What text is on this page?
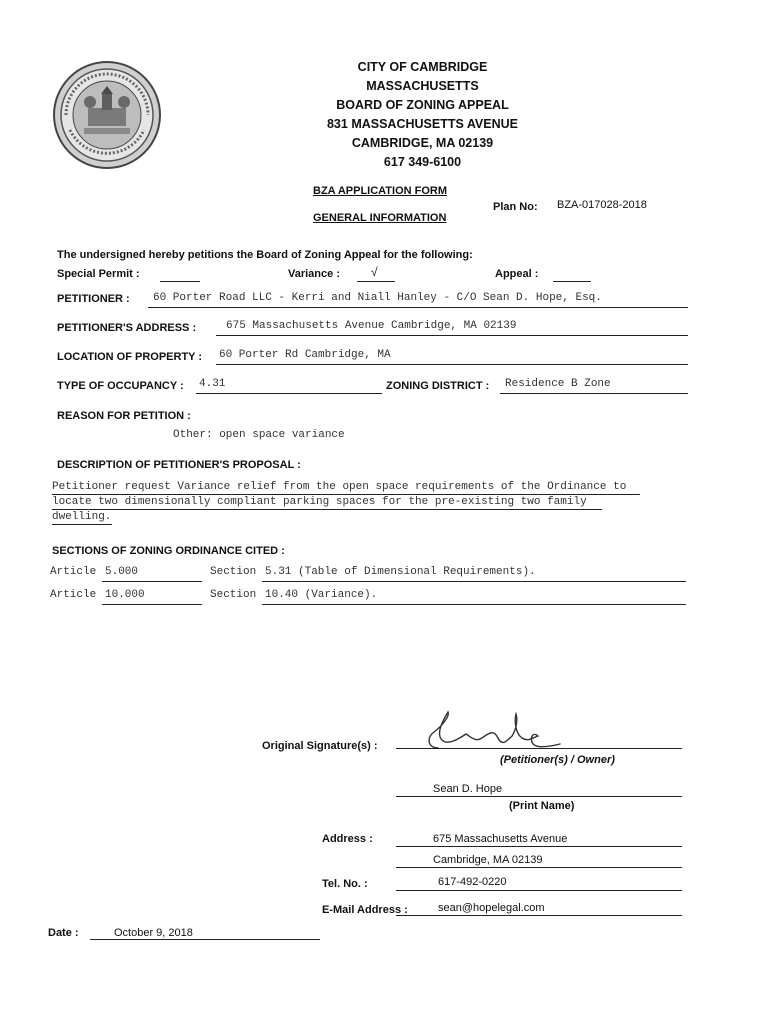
CITY OF CAMBRIDGE
MASSACHUSETTS
BOARD OF ZONING APPEAL
831 MASSACHUSETTS AVENUE
CAMBRIDGE, MA 02139
617 349-6100
BZA APPLICATION FORM
GENERAL INFORMATION
Plan No: BZA-017028-2018
The undersigned hereby petitions the Board of Zoning Appeal for the following:
Special Permit :	Variance :	√	Appeal :
PETITIONER : 60 Porter Road LLC - Kerri and Niall Hanley - C/O Sean D. Hope, Esq.
PETITIONER'S ADDRESS :	675 Massachusetts Avenue Cambridge, MA 02139
LOCATION OF PROPERTY : 60 Porter Rd Cambridge, MA
TYPE OF OCCUPANCY : 4.31	ZONING DISTRICT : Residence B Zone
REASON FOR PETITION :
Other: open space variance
DESCRIPTION OF PETITIONER'S PROPOSAL :
Petitioner request Variance relief from the open space requirements of the Ordinance to
locate two dimensionally compliant parking spaces for the pre-existing two family
dwelling.
SECTIONS OF ZONING ORDINANCE CITED :
Article 5.000	Section 5.31 (Table of Dimensional Requirements).
Article 10.000	Section 10.40 (Variance).
Original Signature(s) :
(Petitioner(s) / Owner)
Sean D. Hope
(Print Name)
Address :	675 Massachusetts Avenue
Cambridge, MA 02139
Tel. No. :	617-492-0220
E-Mail Address :	sean@hopelegal.com
Date :	October 9, 2018
